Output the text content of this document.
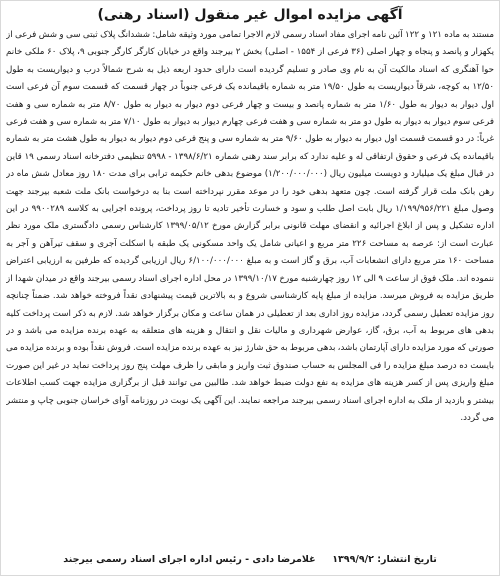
آگهی مزایده اموال غیر منقول (اسناد رهنی)
مستند به ماده ۱۲۱ و ۱۲۲ آئین نامه اجرای مفاد اسناد رسمی لازم الاجرا تمامی مورد وثیقه شامل: ششدانگ پلاک ثبتی سی و شش فرعی از یکهزار و پانصد و پنجاه و چهار اصلی (۳۶ فرعی از ۱۵۵۴ - اصلی) بخش ۲ بیرجند واقع در خیابان کارگر کارگر جنوبی ۹، پلاک ۶۰ ملکی خانم حوا آهنگری که اسناد مالکیت آن به نام وی صادر و تسلیم گردیده است دارای حدود اربعه ذیل به شرح شمالاً درب و دیواریست به طول ۱۲/۵۰ به کوچه، شرقاً دیواریست به طول ۱۹/۵۰ متر به شماره باقیمانده یک فرعی جنوباً در چهار قسمت که قسمت سوم آن فرعی است اول دیوار به دیوار به طول ۱/۶۰ متر به شماره پانصد و بیست و چهار فرعی دوم دیوار به دیوار به طول ۸/۷۰ متر به شماره سی و هفت فرعی سوم دیوار به دیوار به طول دو متر به شماره سی و هفت فرعی چهارم دیوار به دیوار به طول ۷/۱۰ متر به شماره سی و هفت فرعی غرباً: در دو قسمت قسمت اول دیوار به دیوار به طول ۹/۶۰ متر به شماره سی و پنج فرعی دوم دیوار به دیوار به طول هشت متر به شماره باقیمانده یک فرعی و حقوق ارتفاقی له و علیه ندارد که برابر سند رهنی شماره ۱۳۹۸/۶/۲۱ - ۵۹۹۸ تنظیمی دفترخانه اسناد رسمی ۱۹ قاین در قبال مبلغ یک میلیارد و دویست میلیون ریال (۱/۲۰۰/۰۰۰/۰۰۰) موضوع بدهی خانم حکیمه ترابی برای مدت ۱۸۰ روز معادل شش ماه در رهن بانک ملت قرار گرفته است. چون متعهد بدهی خود را در موعد مقرر نپرداخته است بنا به درخواست بانک ملت شعبه بیرجند جهت وصول مبلغ ۱/۱۹۹/۹۵۶/۲۲۱ ریال بابت اصل طلب و سود و خسارت تأخیر تادیه تا روز پرداخت، پرونده اجرایی به کلاسه ۹۹۰۰۲۸۹ در این اداره تشکیل و پس از ابلاغ اجرائیه و انقضای مهلت قانونی برابر گزارش مورخ ۱۳۹۹/۰۵/۱۲ کارشناس رسمی دادگستری ملک مورد نظر عبارت است از: عرصه به مساحت ۲۲۶ متر مربع و اعیانی شامل یک واحد مسکونی یک طبقه با اسکلت آجری و سقف تیرآهن و آجر به مساحت ۱۶۰ متر مربع دارای انشعابات آب، برق و گاز است و به مبلغ ۶/۱۰۰/۰۰۰/۰۰۰ ریال ارزیابی گردیده که طرفین به ارزیابی اعتراض ننموده اند. ملک فوق از ساعت ۹ الی ۱۲ روز چهارشنبه مورخ ۱۳۹۹/۱۰/۱۷ در محل اداره اجرای اسناد رسمی بیرجند واقع در میدان شهدا از طریق مزایده به فروش میرسد. مزایده از مبلغ پایه کارشناسی شروع و به بالاترین قیمت پیشنهادی نقداً فروخته خواهد شد. ضمناً چنانچه روز مزایده تعطیل رسمی گردد، مزایده روز اداری بعد از تعطیلی در همان ساعت و مکان برگزار خواهد شد. لازم به ذکر است پرداخت کلیه بدهی های مربوط به آب، برق، گاز، عوارض شهرداری و مالیات نقل و انتقال و هزینه های متعلقه به عهده برنده مزایده می باشد و در صورتی که مورد مزایده دارای آپارتمان باشد، بدهی مربوط به حق شارژ نیز به عهده برنده مزایده است. فروش نقداً بوده و برنده مزایده می بایست ده درصد مبلغ مزایده را فی المجلس به حساب صندوق ثبت واریز و مابقی را ظرف مهلت پنج روز پرداخت نماید در غیر این صورت مبلغ واریزی پس از کسر هزینه های مزایده به نفع دولت ضبط خواهد شد. طالبین می توانند قبل از برگزاری مزایده جهت کسب اطلاعات بیشتر و بازدید از ملک به اداره اجرای اسناد رسمی بیرجند مراجعه نمایند. این آگهی یک نوبت در روزنامه آوای خراسان جنوبی چاپ و منتشر می گردد.
تاریخ انتشار: ۱۳۹۹/۹/۲     غلامرضا دادی - رئیس اداره اجرای اسناد رسمی بیرجند
